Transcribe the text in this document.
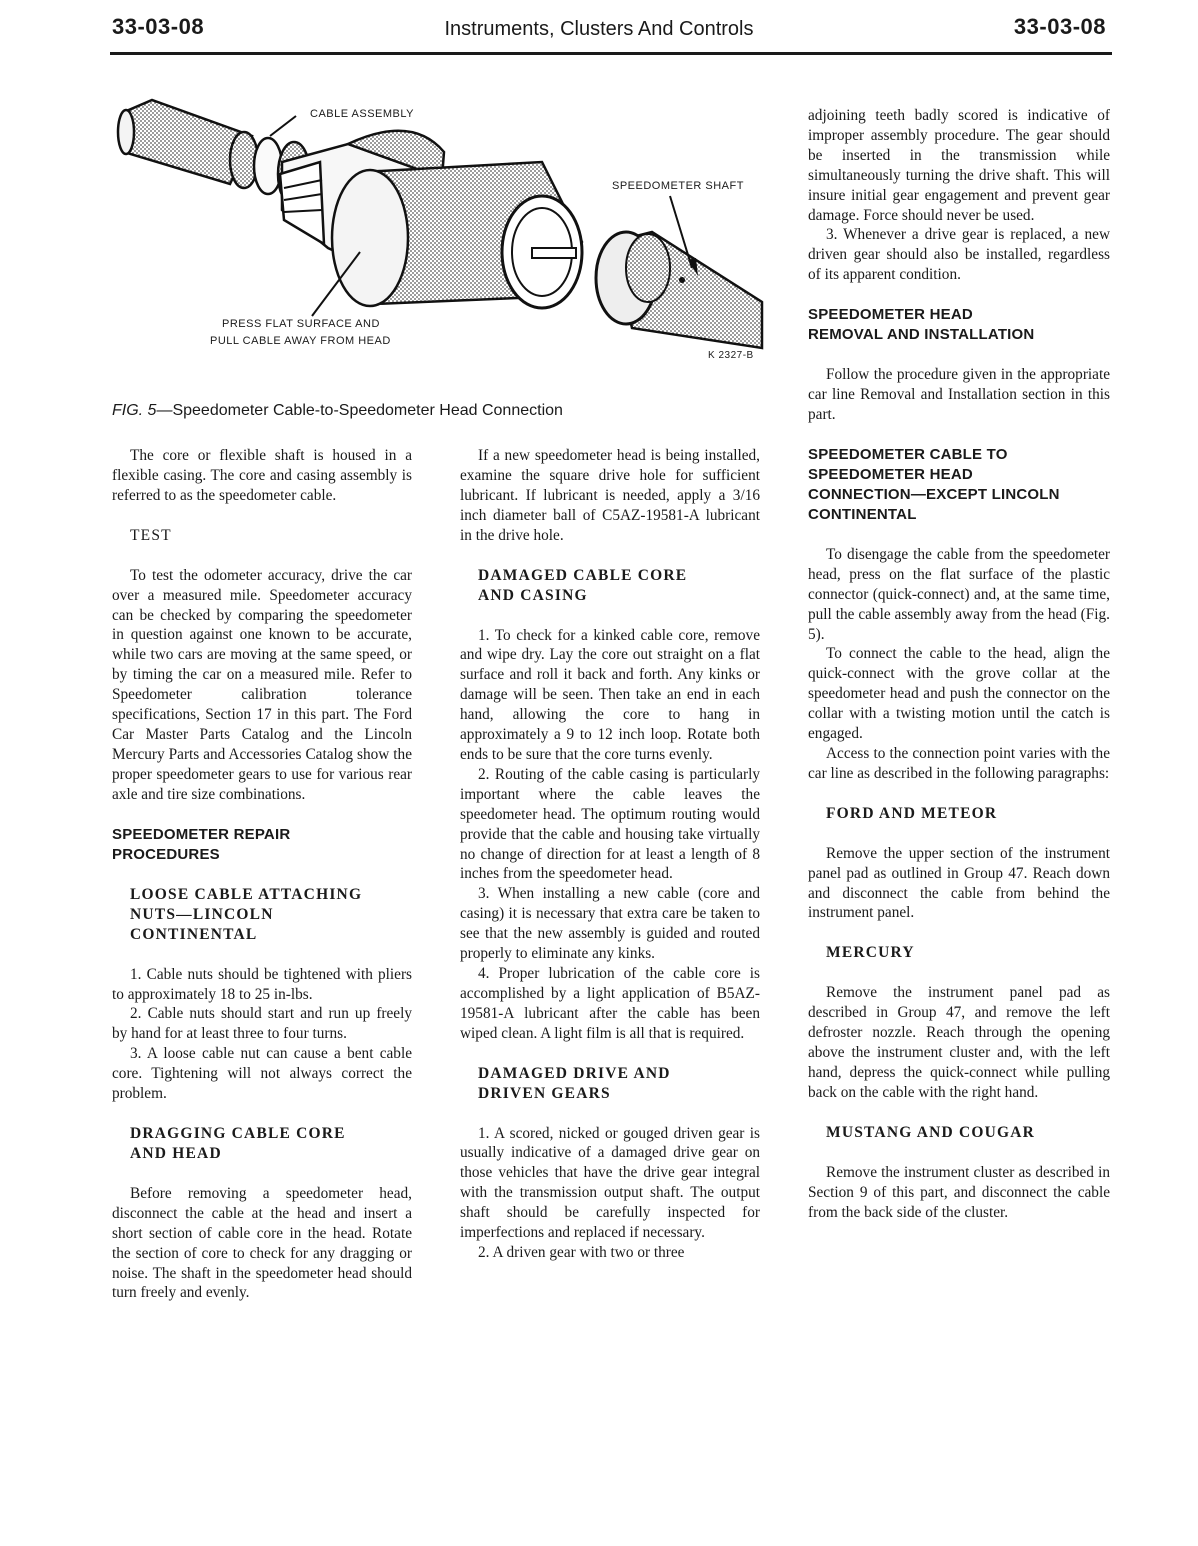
33-03-08	Instruments, Clusters And Controls	33-03-08
CABLE ASSEMBLY
SPEEDOMETER SHAFT
PRESS FLAT SURFACE AND
PULL CABLE AWAY FROM HEAD
K 2327-B
FIG. 5—Speedometer Cable-to-Speedometer Head Connection

The core or flexible shaft is housed in a flexible casing. The core and casing assembly is referred to as the speedometer cable.

TEST

To test the odometer accuracy, drive the car over a measured mile. Speedometer accuracy can be checked by comparing the speedometer in question against one known to be accurate, while two cars are moving at the same speed, or by timing the car on a measured mile. Refer to Speedometer calibration tolerance specifications, Section 17 in this part. The Ford Car Master Parts Catalog and the Lincoln Mercury Parts and Accessories Catalog show the proper speedometer gears to use for various rear axle and tire size combinations.

SPEEDOMETER REPAIR
PROCEDURES
LOOSE CABLE ATTACHING
NUTS—LINCOLN
CONTINENTAL

1. Cable nuts should be tightened with pliers to approximately 18 to 25 in-lbs.

2. Cable nuts should start and run up freely by hand for at least three to four turns.

3. A loose cable nut can cause a bent cable core. Tightening will not always correct the problem.

DRAGGING CABLE CORE
AND HEAD

Before removing a speedometer head, disconnect the cable at the head and insert a short section of cable core in the head. Rotate the section of core to check for any dragging or noise. The shaft in the speedometer head should turn freely and evenly.

If a new speedometer head is being installed, examine the square drive hole for sufficient lubricant. If lubricant is needed, apply a 3/16 inch diameter ball of C5AZ-19581-A lubricant in the drive hole.

DAMAGED CABLE CORE
AND CASING

1. To check for a kinked cable core, remove and wipe dry. Lay the core out straight on a flat surface and roll it back and forth. Any kinks or damage will be seen. Then take an end in each hand, allowing the core to hang in approximately a 9 to 12 inch loop. Rotate both ends to be sure that the core turns evenly.

2. Routing of the cable casing is particularly important where the cable leaves the speedometer head. The optimum routing would provide that the cable and housing take virtually no change of direction for at least a length of 8 inches from the speedometer head.

3. When installing a new cable (core and casing) it is necessary that extra care be taken to see that the new assembly is guided and routed properly to eliminate any kinks.

4. Proper lubrication of the cable core is accomplished by a light application of B5AZ-19581-A lubricant after the cable has been wiped clean. A light film is all that is required.

DAMAGED DRIVE AND
DRIVEN GEARS

1. A scored, nicked or gouged driven gear is usually indicative of a damaged drive gear on those vehicles that have the drive gear integral with the transmission output shaft. The output shaft should be carefully inspected for imperfections and replaced if necessary.

2. A driven gear with two or three

adjoining teeth badly scored is indicative of improper assembly procedure. The gear should be inserted in the transmission while simultaneously turning the drive shaft. This will insure initial gear engagement and prevent gear damage. Force should never be used.

3. Whenever a drive gear is replaced, a new driven gear should also be installed, regardless of its apparent condition.

SPEEDOMETER HEAD
REMOVAL AND INSTALLATION

Follow the procedure given in the appropriate car line Removal and Installation section in this part.

SPEEDOMETER CABLE TO
SPEEDOMETER HEAD
CONNECTION—EXCEPT LINCOLN
CONTINENTAL

To disengage the cable from the speedometer head, press on the flat surface of the plastic connector (quick-connect) and, at the same time, pull the cable assembly away from the head (Fig. 5).

To connect the cable to the head, align the quick-connect with the grove collar at the speedometer head and push the connector on the collar with a twisting motion until the catch is engaged.

Access to the connection point varies with the car line as described in the following paragraphs:

FORD AND METEOR

Remove the upper section of the instrument panel pad as outlined in Group 47. Reach down and disconnect the cable from behind the instrument panel.

MERCURY

Remove the instrument panel pad as described in Group 47, and remove the left defroster nozzle. Reach through the opening above the instrument cluster and, with the left hand, depress the quick-connect while pulling back on the cable with the right hand.

MUSTANG AND COUGAR

Remove the instrument cluster as described in Section 9 of this part, and disconnect the cable from the back side of the cluster.
